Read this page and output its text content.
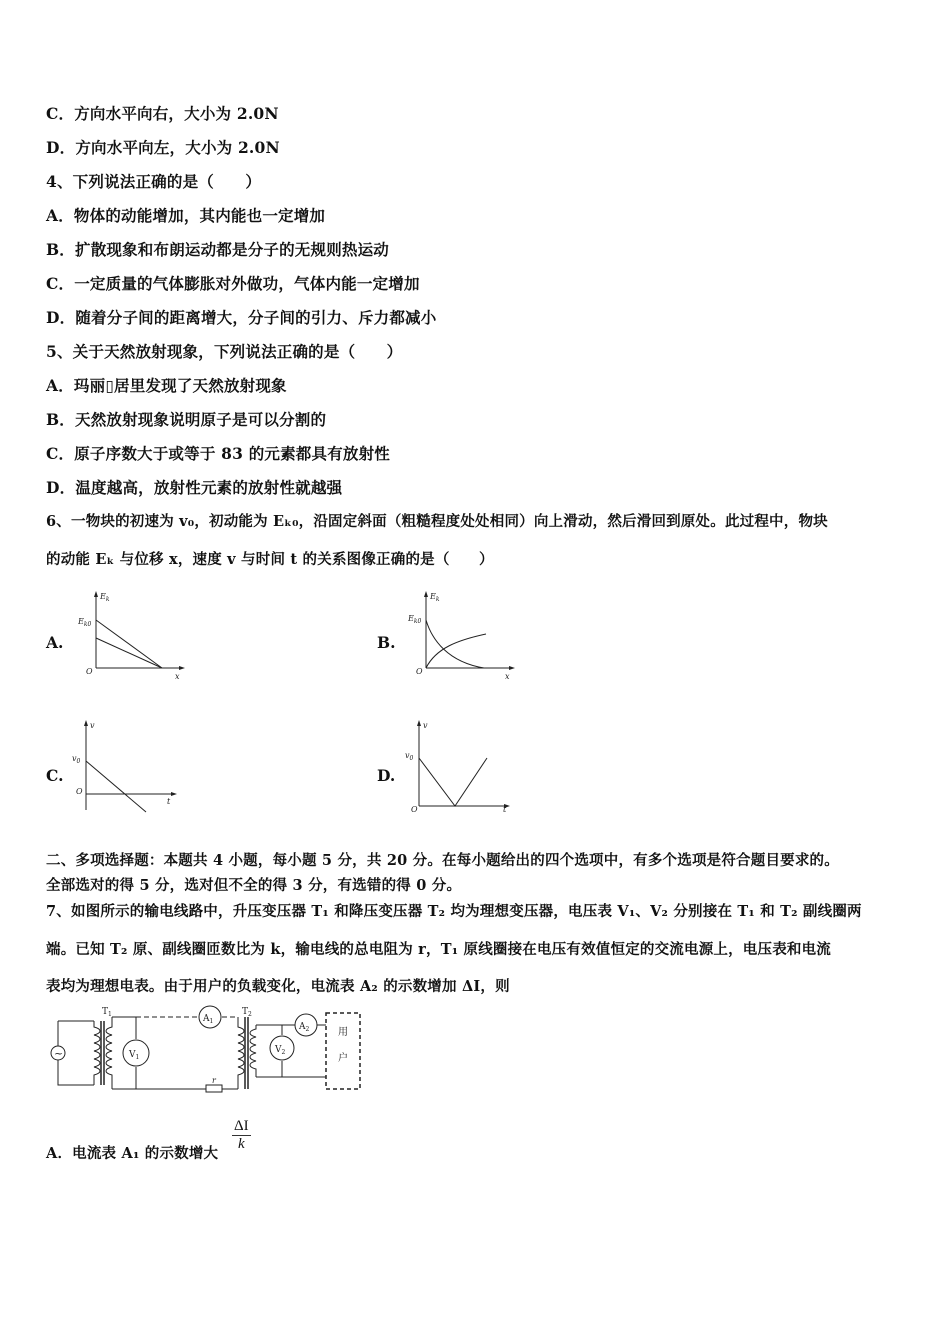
C．方向水平向右，大小为 2.0N
D．方向水平向左，大小为 2.0N
4、下列说法正确的是（　　）
A．物体的动能增加，其内能也一定增加
B．扩散现象和布朗运动都是分子的无规则热运动
C．一定质量的气体膨胀对外做功，气体内能一定增加
D．随着分子间的距离增大，分子间的引力、斥力都减小
5、关于天然放射现象，下列说法正确的是（　　）
A．玛丽▯居里发现了天然放射现象
B．天然放射现象说明原子是可以分割的
C．原子序数大于或等于 83 的元素都具有放射性
D．温度越高，放射性元素的放射性就越强
6、一物块的初速为 v₀，初动能为 Eₖ₀，沿固定斜面（粗糙程度处处相同）向上滑动，然后滑回到原处。此过程中，物块
的动能 Eₖ 与位移 x，速度 v 与时间 t 的关系图像正确的是（　　）
A.	B.
C.	D.
$E_k$
$E_{k0}$
O
x
$E_k$
$E_{k0}$
O
x
v
$v_0$
O
t
v
$v_0$
O	t
二、多项选择题：本题共 4 小题，每小题 5 分，共 20 分。在每小题给出的四个选项中，有多个选项是符合题目要求的。
全部选对的得 5 分，选对但不全的得 3 分，有选错的得 0 分。
7、如图所示的输电线路中，升压变压器 T₁ 和降压变压器 T₂ 均为理想变压器，电压表 V₁、V₂ 分别接在 T₁ 和 T₂ 副线圈两
端。已知 T₂ 原、副线圈匝数比为 k，输电线的总电阻为 r，T₁ 原线圈接在电压有效值恒定的交流电源上，电压表和电流
表均为理想电表。由于用户的负载变化，电流表 A₂ 的示数增加 ΔI，则
~
$T_1$	$T_2$
$V_1$
$A_1$
$V_2$
$A_2$
r
用
户
A．电流表 A₁ 的示数增大
$\frac{\Delta I}{k}$
